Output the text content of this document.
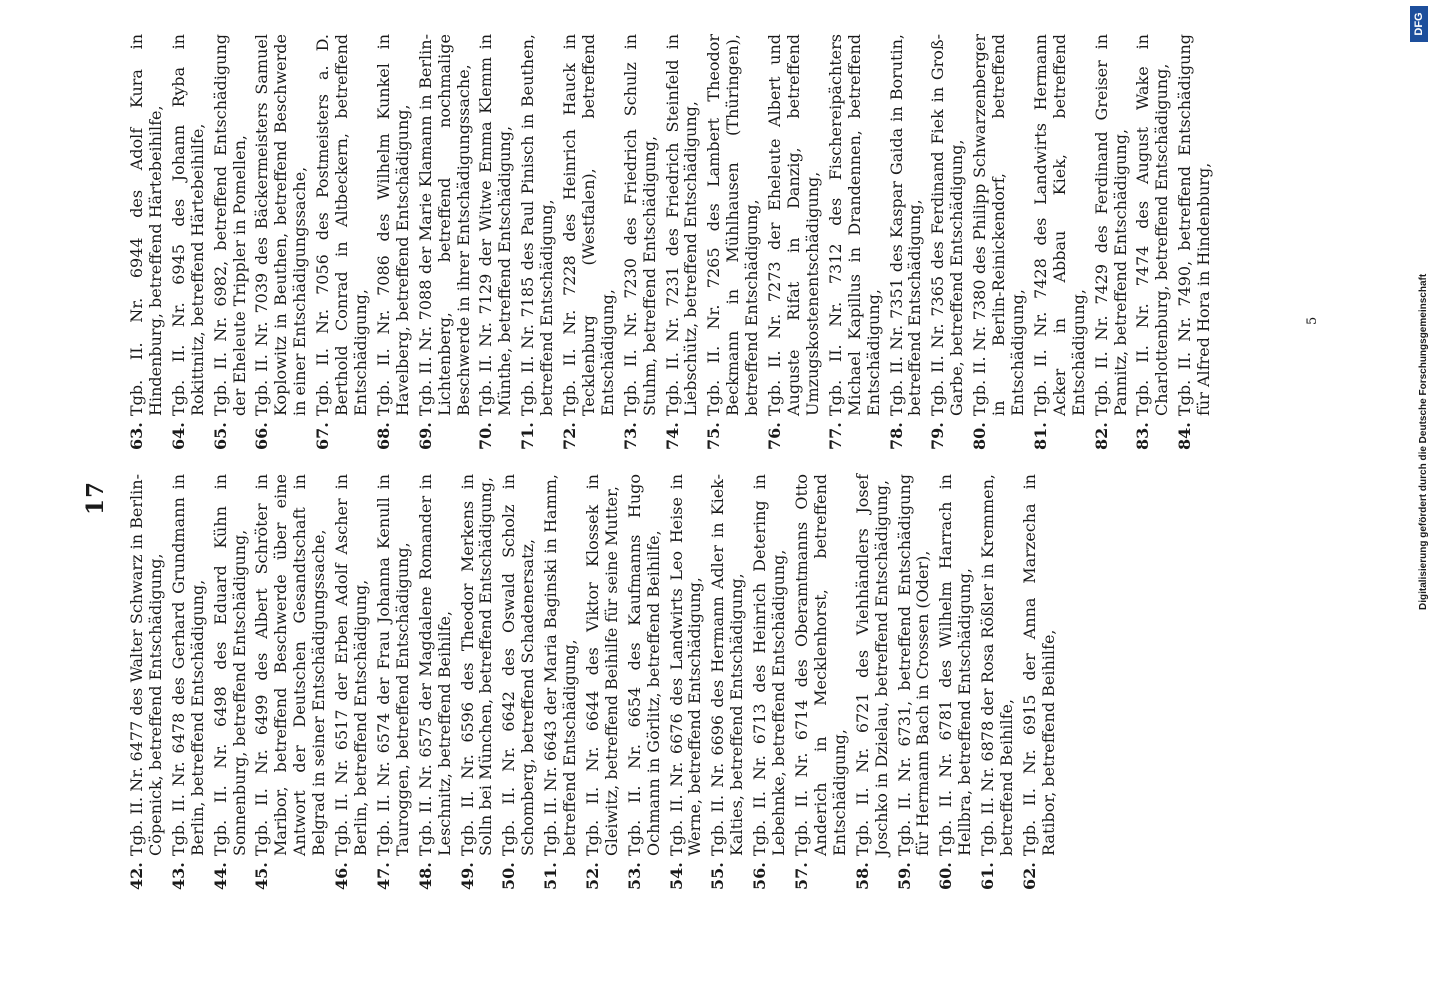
17
42.
Tgb. II. Nr. 6477 des Walter Schwarz in Berlin-Cöpenick, betreffend Entschädigung,
43.
Tgb. II. Nr. 6478 des Gerhard Grundmann in Berlin, betreffend Entschädigung,
44.
Tgb. II. Nr. 6498 des Eduard Kühn in Sonnenburg, betreffend Entschädigung,
45.
Tgb. II. Nr. 6499 des Albert Schröter in Maribor, betreffend Beschwerde über eine Antwort der Deutschen Gesandtschaft in Belgrad in seiner Entschädigungssache,
46.
Tgb. II. Nr. 6517 der Erben Adolf Ascher in Berlin, betreffend Entschädigung,
47.
Tgb. II. Nr. 6574 der Frau Johanna Kenull in Tauroggen, betreffend Entschädigung,
48.
Tgb. II. Nr. 6575 der Magdalene Romander in Leschnitz, betreffend Beihilfe,
49.
Tgb. II. Nr. 6596 des Theodor Merkens in Solln bei München, betreffend Entschädigung,
50.
Tgb. II. Nr. 6642 des Oswald Scholz in Schomberg, betreffend Schadenersatz,
51.
Tgb. II. Nr. 6643 der Maria Baginski in Hamm, betreffend Entschädigung,
52.
Tgb. II. Nr. 6644 des Viktor Klossek in Gleiwitz, betreffend Beihilfe für seine Mutter,
53.
Tgb. II. Nr. 6654 des Kaufmanns Hugo Ochmann in Görlitz, betreffend Beihilfe,
54.
Tgb. II. Nr. 6676 des Landwirts Leo Heise in Werne, betreffend Entschädigung,
55.
Tgb. II. Nr. 6696 des Hermann Adler in Kiek-Kalties, betreffend Entschädigung,
56.
Tgb. II. Nr. 6713 des Heinrich Detering in Lebehnke, betreffend Entschädigung,
57.
Tgb. II. Nr. 6714 des Oberamtmanns Otto Anderich in Mecklenhorst, betreffend Entschädigung,
58.
Tgb. II. Nr. 6721 des Viehhändlers Josef Joschko in Dzielau, betreffend Entschädigung,
59.
Tgb. II. Nr. 6731, betreffend Entschädigung für Hermann Bach in Crossen (Oder),
60.
Tgb. II. Nr. 6781 des Wilhelm Harrach in Hellbra, betreffend Entschädigung,
61.
Tgb. II. Nr. 6878 der Rosa Rößler in Kremmen, betreffend Beihilfe,
62.
Tgb. II. Nr. 6915 der Anna Marzecha in Ratibor, betreffend Beihilfe,
63.
Tgb. II. Nr. 6944 des Adolf Kura in Hindenburg, betreffend Härtebeihilfe,
64.
Tgb. II. Nr. 6945 des Johann Ryba in Rokittnitz, betreffend Härtebeihilfe,
65.
Tgb. II. Nr. 6982, betreffend Entschädigung der Eheleute Trippler in Pomellen,
66.
Tgb. II. Nr. 7039 des Bäckermeisters Samuel Koplowitz in Beuthen, betreffend Beschwerde in einer Entschädigungssache,
67.
Tgb. II. Nr. 7056 des Postmeisters a. D. Berthold Conrad in Altbeckern, betreffend Entschädigung,
68.
Tgb. II. Nr. 7086 des Wilhelm Kunkel in Havelberg, betreffend Entschädigung,
69.
Tgb. II. Nr. 7088 der Marie Klamann in Berlin-Lichtenberg, betreffend nochmalige Beschwerde in ihrer Entschädigungssache,
70.
Tgb. II. Nr. 7129 der Witwe Emma Klemm in Münthe, betreffend Entschädigung,
71.
Tgb. II. Nr. 7185 des Paul Pinisch in Beuthen, betreffend Entschädigung,
72.
Tgb. II. Nr. 7228 des Heinrich Hauck in Tecklenburg (Westfalen), betreffend Entschädigung,
73.
Tgb. II. Nr. 7230 des Friedrich Schulz in Stuhm, betreffend Entschädigung,
74.
Tgb. II. Nr. 7231 des Friedrich Steinfeld in Liebschütz, betreffend Entschädigung,
75.
Tgb. II. Nr. 7265 des Lambert Theodor Beckmann in Mühlhausen (Thüringen), betreffend Entschädigung,
76.
Tgb. II. Nr. 7273 der Eheleute Albert und Auguste Rifat in Danzig, betreffend Umzugskostenentschädigung,
77.
Tgb. II. Nr. 7312 des Fischereipächters Michael Kapillus in Drandennen, betreffend Entschädigung,
78.
Tgb. II. Nr. 7351 des Kaspar Gaida in Borutin, betreffend Entschädigung,
79.
Tgb. II. Nr. 7365 des Ferdinand Fiek in Groß-Garbe, betreffend Entschädigung,
80.
Tgb. II. Nr. 7380 des Philipp Schwarzenberger in Berlin-Reinickendorf, betreffend Entschädigung,
81.
Tgb. II. Nr. 7428 des Landwirts Hermann Acker in Abbau Kiek, betreffend Entschädigung,
82.
Tgb. II. Nr. 7429 des Ferdinand Greiser in Pannitz, betreffend Entschädigung,
83.
Tgb. II. Nr. 7474 des August Wake in Charlottenburg, betreffend Entschädigung,
84.
Tgb. II. Nr. 7490, betreffend Entschädigung für Alfred Hora in Hindenburg,	5	Digitalisierung gefördert durch die Deutsche Forschungsgemeinschaft
DFG
